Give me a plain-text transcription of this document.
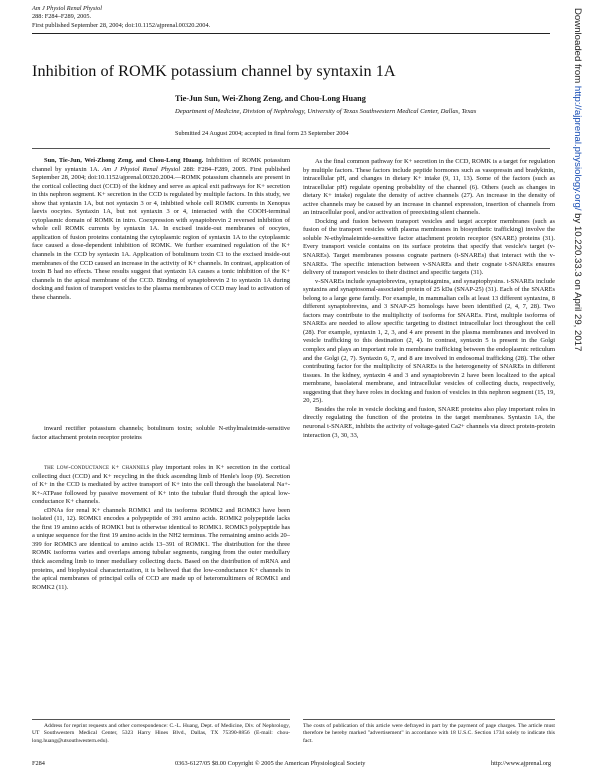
Am J Physiol Renal Physiol
288: F284–F289, 2005.
First published September 28, 2004; doi:10.1152/ajprenal.00320.2004.
Inhibition of ROMK potassium channel by syntaxin 1A
Tie-Jun Sun, Wei-Zhong Zeng, and Chou-Long Huang
Department of Medicine, Division of Nephrology, University of Texas Southwestern Medical Center, Dallas, Texas
Submitted 24 August 2004; accepted in final form 23 September 2004

Sun, Tie-Jun, Wei-Zhong Zeng, and Chou-Long Huang. Inhibition of ROMK potassium channel by syntaxin 1A. Am J Physiol Renal Physiol 288: F284–F289, 2005. First published September 28, 2004; doi:10.1152/ajprenal.00320.2004.—ROMK potassium channels are present in the cortical collecting duct (CCD) of the kidney and serve as apical exit pathways for K+ secretion in this nephron segment. K+ secretion in the CCD is regulated by multiple factors. In this study, we show that syntaxin 1A, but not syntaxin 3 or 4, inhibited whole cell ROMK currents in Xenopus laevis oocytes. Syntaxin 1A, but not syntaxin 3 or 4, interacted with the COOH-terminal cytoplasmic domain of ROMK in intro. Coexpression with synaptobrevin 2 reversed inhibition of whole cell ROMK currents by syntaxin 1A. In excised inside-out membranes of oocytes, application of fusion proteins containing the cytoplasmic region of syntaxin 1A to the cytoplasmic face caused a dose-dependent inhibition of ROMK. We further examined regulation of the K+ channels in the CCD by syntaxin 1A. Application of botulinum toxin C1 to the excised inside-out membranes of the CCD caused an increase in the activity of K+ channels. In contrast, application of toxin B had no effects. These results suggest that syntaxin 1A causes a tonic inhibition of the K+ channels in the apical membrane of the CCD. Binding of synaptobrevin 2 to syntaxin 1A during docking and fusion of transport vesicles to the plasma membranes of CCD may lead to activation of these channels.

inward rectifier potassium channels; botulinum toxin; soluble N-ethylmaleimide-sensitive factor attachment protein receptor proteins

the low-conductance k+ channels play important roles in K+ secretion in the cortical collecting duct (CCD) and K+ recycling in the thick ascending limb of Henle's loop (9). Secretion of K+ in the CCD is mediated by active transport of K+ into the cell through the basolateral Na+-K+-ATPase followed by passive movement of K+ into the tubular fluid through the apical low-conductance K+ channels.

cDNAs for renal K+ channels ROMK1 and its isoforms ROMK2 and ROMK3 have been isolated (11, 12). ROMK1 encodes a polypeptide of 391 amino acids. ROMK2 polypeptide lacks the first 19 amino acids of ROMK1 but is otherwise identical to ROMK1. ROMK3 polypeptide has a unique sequence for the first 19 amino acids in the NH2 terminus. The remaining amino acids 20–399 for ROMK3 are identical to amino acids 13–391 of ROMK1. The distribution for the three ROMK isoforms varies and overlaps among tubular segments, ranging from the outer medullary thick ascending limb to inner medullary collecting ducts. Based on the distribution of mRNA and proteins, and biophysical characterization, it is believed that the low-conductance K+ channels in the apical membranes of principal cells of CCD are made up of heteromultimers of ROMK1 and ROMK2 (11).

As the final common pathway for K+ secretion in the CCD, ROMK is a target for regulation by multiple factors. These factors include peptide hormones such as vasopressin and bradykinin, intracellular pH, and changes in dietary K+ intake (9, 11, 13). Some of the factors (such as intracellular pH) regulate opening probability of the channel (6). Others (such as changes in dietary K+ intake) regulate the density of active channels (27). An increase in the density of active channels may be caused by an increase in channel expression, insertion of channels from an intracellular pool, and/or activation of preexisting silent channels.

Docking and fusion between transport vesicles and target acceptor membranes (such as fusion of the transport vesicles with plasma membranes in biosynthetic trafficking) involve the soluble N-ethylmaleimide-sensitive factor attachment protein receptor (SNARE) proteins (31). Every transport vesicle contains on its surface proteins that specify that vesicle's target (v-SNAREs). Target membranes possess cognate partners (t-SNAREs) that interact with the v-SNAREs. The specific interaction between v-SNAREs and their cognate t-SNAREs ensures delivery of transport vesicles to their distinct and specific targets (31).

v-SNAREs include synaptobrevins, synaptotagmins, and synaptophysins. t-SNAREs include syntaxins and synaptosomal-associated protein of 25 kDa (SNAP-25) (31). Each of the SNAREs belong to a large gene family. For example, in mammalian cells at least 13 different syntaxins, 8 different synaptobrevins, and 3 SNAP-25 homologs have been identified (2, 4, 7, 28). Two factors may contribute to the multiplicity of isoforms for SNAREs. First, multiple isoforms of SNAREs are needed to allow specific targeting to distinct intracellular loci throughout the cell (28). For example, syntaxin 1, 2, 3, and 4 are present in the plasma membranes and involved in vesicle trafficking to this destination (2, 4). In contrast, syntaxin 5 is present in the Golgi complex and plays an important role in membrane trafficking between the endoplasmic reticulum and the Golgi (2, 7). Syntaxin 6, 7, and 8 are involved in endosomal trafficking (28). The other contributing factor for the multiplicity of SNAREs is the heterogeneity of SNAREs in different tissues. In the kidney, syntaxin 4 and 3 and synaptobrevin 2 have been localized to the apical membrane, basolateral membrane, and intracellular vesicles of collecting ducts, respectively, suggesting that they have roles in docking and fusion of vesicles in this nephron segment (15, 19, 20, 25).

Besides the role in vesicle docking and fusion, SNARE proteins also play important roles in directly regulating the function of the proteins in the target membranes. Syntaxin 1A, the neuronal t-SNARE, inhibits the activity of voltage-gated Ca2+ channels via direct protein-protein interaction (3, 30, 33,

Address for reprint requests and other correspondence: C.-L. Huang, Dept. of Medicine, Div. of Nephrology, UT Southwestern Medical Center, 5323 Harry Hines Blvd., Dallas, TX 75390-8856 (E-mail: chou-long.huang@utsouthwestern.edu).
The costs of publication of this article were defrayed in part by the payment of page charges. The article must therefore be hereby marked "advertisement" in accordance with 18 U.S.C. Section 1734 solely to indicate this fact.
F284	0363-6127/05 $8.00 Copyright © 2005 the American Physiological Society	http://www.ajprenal.org
Downloaded from http://ajprenal.physiology.org/ by 10.220.33.3 on April 29, 2017
